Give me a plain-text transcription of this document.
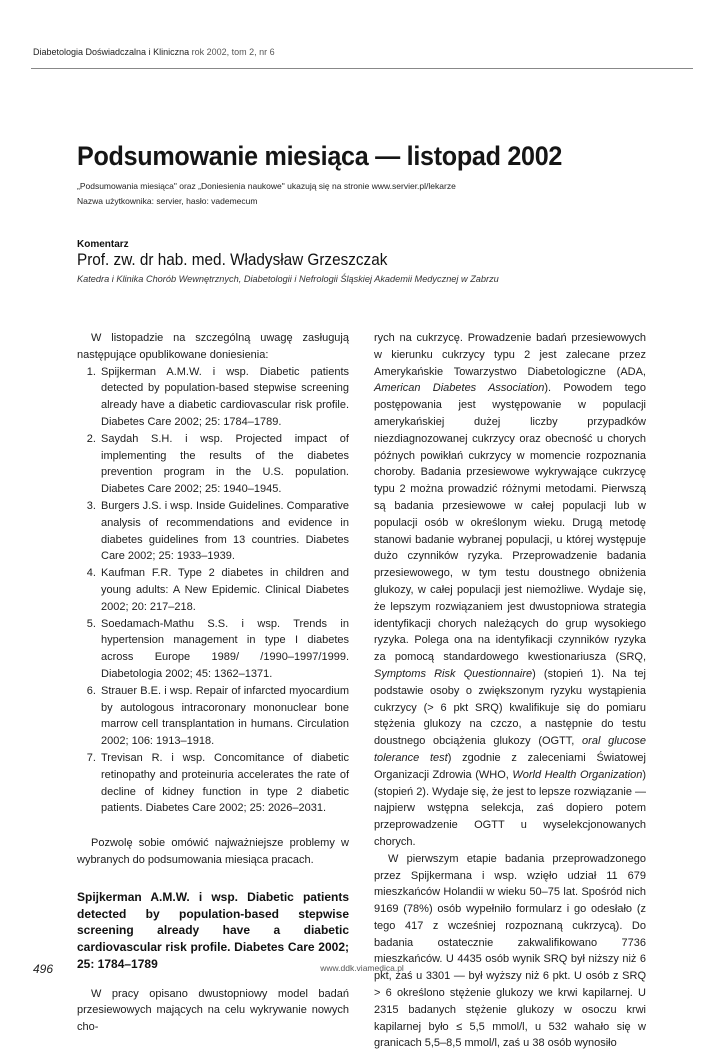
Diabetologia Doświadczalna i Kliniczna rok 2002, tom 2, nr 6
Podsumowanie miesiąca — listopad 2002
„Podsumowania miesiąca" oraz „Doniesienia naukowe" ukazują się na stronie www.servier.pl/lekarze
Nazwa użytkownika: servier, hasło: vademecum
Komentarz
Prof. zw. dr hab. med. Władysław Grzeszczak
Katedra i Klinika Chorób Wewnętrznych, Diabetologii i Nefrologii Śląskiej Akademii Medycznej w Zabrzu

W listopadzie na szczególną uwagę zasługują następujące opublikowane doniesienia:

1. Spijkerman A.M.W. i wsp. Diabetic patients detected by population-based stepwise screening already have a diabetic cardiovascular risk profile. Diabetes Care 2002; 25: 1784–1789.
2. Saydah S.H. i wsp. Projected impact of implementing the results of the diabetes prevention program in the U.S. population. Diabetes Care 2002; 25: 1940–1945.
3. Burgers J.S. i wsp. Inside Guidelines. Comparative analysis of recommendations and evidence in diabetes guidelines from 13 countries. Diabetes Care 2002; 25: 1933–1939.
4. Kaufman F.R. Type 2 diabetes in children and young adults: A New Epidemic. Clinical Diabetes 2002; 20: 217–218.
5. Soedamach-Mathu S.S. i wsp. Trends in hypertension management in type I diabetes across Europe 1989/ /1990–1997/1999. Diabetologia 2002; 45: 1362–1371.
6. Strauer B.E. i wsp. Repair of infarcted myocardium by autologous intracoronary mononuclear bone marrow cell transplantation in humans. Circulation 2002; 106: 1913–1918.
7. Trevisan R. i wsp. Concomitance of diabetic retinopathy and proteinuria accelerates the rate of decline of kidney function in type 2 diabetic patients. Diabetes Care 2002; 25: 2026–2031.

Pozwolę sobie omówić najważniejsze problemy w wybranych do podsumowania miesiąca pracach.

Spijkerman A.M.W. i wsp. Diabetic patients detected by population-based stepwise screening already have a diabetic cardiovascular risk profile. Diabetes Care 2002; 25: 1784–1789

W pracy opisano dwustopniowy model badań przesiewowych mających na celu wykrywanie nowych cho-

rych na cukrzycę. Prowadzenie badań przesiewowych w kierunku cukrzycy typu 2 jest zalecane przez Amerykańskie Towarzystwo Diabetologiczne (ADA, American Diabetes Association). Powodem tego postępowania jest występowanie w populacji amerykańskiej dużej liczby przypadków niezdiagnozowanej cukrzycy oraz obecność u chorych późnych powikłań cukrzycy w momencie rozpoznania choroby. Badania przesiewowe wykrywające cukrzycę typu 2 można prowadzić różnymi metodami. Pierwszą są badania przesiewowe w całej populacji lub w populacji osób w określonym wieku. Drugą metodę stanowi badanie wybranej populacji, u której występuje dużo czynników ryzyka. Przeprowadzenie badania przesiewowego, w tym testu doustnego obniżenia glukozy, w całej populacji jest niemożliwe. Wydaje się, że lepszym rozwiązaniem jest dwustopniowa strategia identyfikacji chorych należących do grup wysokiego ryzyka. Polega ona na identyfikacji czynników ryzyka za pomocą standardowego kwestionariusza (SRQ, Symptoms Risk Questionnaire) (stopień 1). Na tej podstawie osoby o zwiększonym ryzyku wystąpienia cukrzycy (> 6 pkt SRQ) kwalifikuje się do pomiaru stężenia glukozy na czczo, a następnie do testu doustnego obciążenia glukozy (OGTT, oral glucose tolerance test) zgodnie z zaleceniami Światowej Organizacji Zdrowia (WHO, World Health Organization) (stopień 2). Wydaje się, że jest to lepsze rozwiązanie — najpierw wstępna selekcja, zaś dopiero potem przeprowadzenie OGTT u wyselekcjonowanych chorych.

W pierwszym etapie badania przeprowadzonego przez Spijkermana i wsp. wzięło udział 11 679 mieszkańców Holandii w wieku 50–75 lat. Spośród nich 9169 (78%) osób wypełniło formularz i go odesłało (z tego 417 z wcześniej rozpoznaną cukrzycą). Do badania ostatecznie zakwalifikowano 7736 mieszkańców. U 4435 osób wynik SRQ był niższy niż 6 pkt, zaś u 3301 — był wyższy niż 6 pkt. U osób z SRQ > 6 określono stężenie glukozy we krwi kapilarnej. U 2315 badanych stężenie glukozy w osoczu krwi kapilarnej było ≤ 5,5 mmol/l, u 532 wahało się w granicach 5,5–8,5 mmol/l, zaś u 38 osób wynosiło

496	www.ddk.viamedica.pl
